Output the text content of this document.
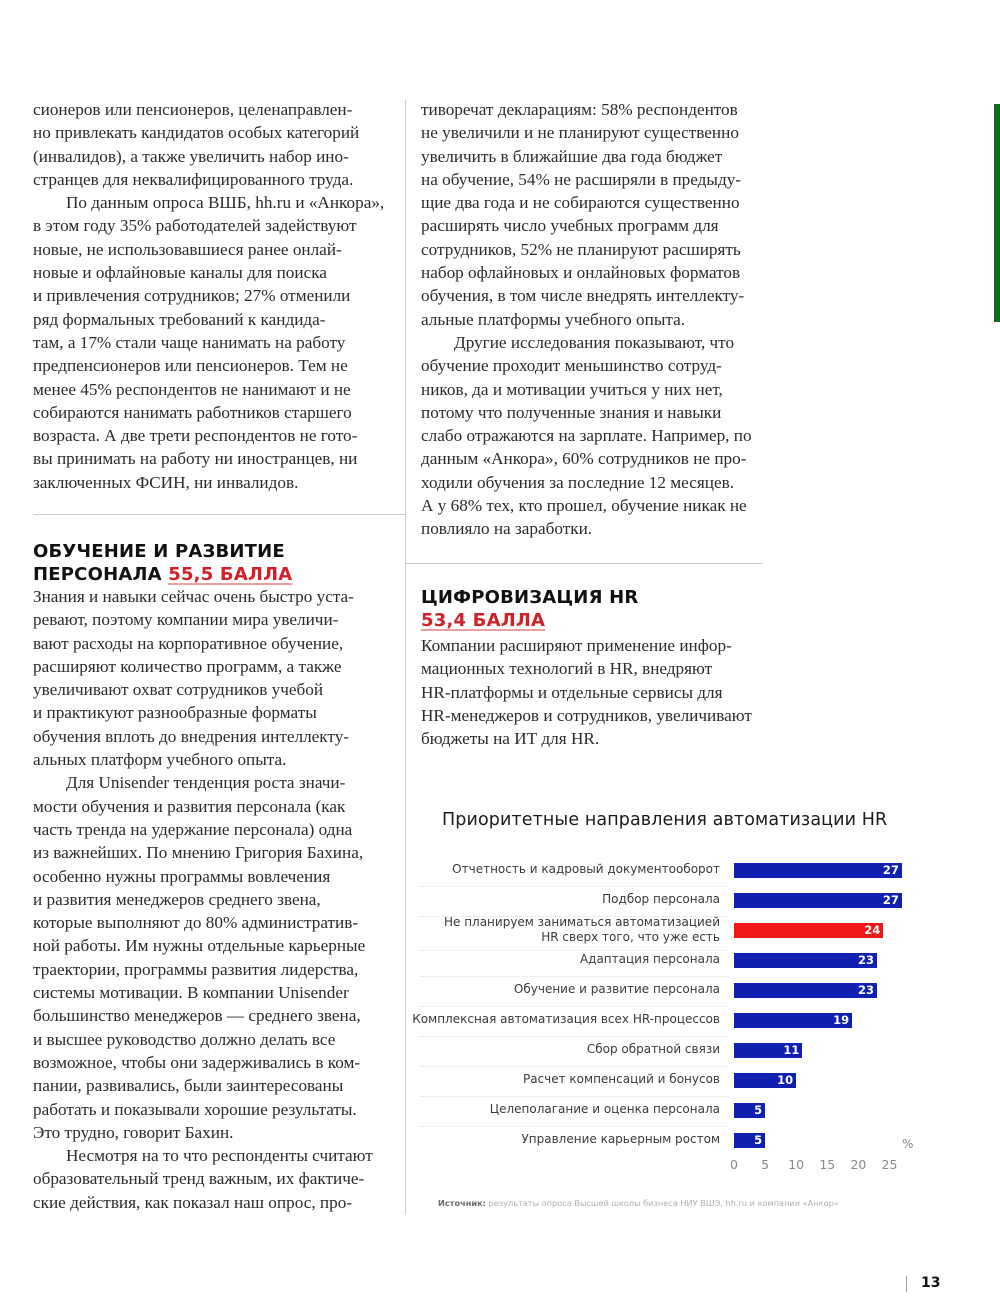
сионеров или пенсионеров, целенаправлен-
но привлекать кандидатов особых категорий
(инвалидов), а также увеличить набор ино-
странцев для неквалифицированного труда.
По данным опроса ВШБ, hh.ru и «Анкора»,
в этом году 35% работодателей задействуют
новые, не использовавшиеся ранее онлай-
новые и офлайновые каналы для поиска
и привлечения сотрудников; 27% отменили
ряд формальных требований к кандида-
там, а 17% стали чаще нанимать на работу
предпенсионеров или пенсионеров. Тем не
менее 45% респондентов не нанимают и не
собираются нанимать работников старшего
возраста. А две трети респондентов не гото-
вы принимать на работу ни иностранцев, ни
заключенных ФСИН, ни инвалидов.
ОБУЧЕНИЕ И РАЗВИТИЕ
ПЕРСОНАЛА 55,5 БАЛЛА
Знания и навыки сейчас очень быстро уста-
ревают, поэтому компании мира увеличи-
вают расходы на корпоративное обучение,
расширяют количество программ, а также
увеличивают охват сотрудников учебой
и практикуют разнообразные форматы
обучения вплоть до внедрения интеллекту-
альных платформ учебного опыта.
Для Unisender тенденция роста значи-
мости обучения и развития персонала (как
часть тренда на удержание персонала) одна
из важнейших. По мнению Григория Бахина,
особенно нужны программы вовлечения
и развития менеджеров среднего звена,
которые выполняют до 80% административ-
ной работы. Им нужны отдельные карьерные
траектории, программы развития лидерства,
системы мотивации. В компании Unisender
большинство менеджеров — среднего звена,
и высшее руководство должно делать все
возможное, чтобы они задерживались в ком-
пании, развивались, были заинтересованы
работать и показывали хорошие результаты.
Это трудно, говорит Бахин.
Несмотря на то что респонденты считают
образовательный тренд важным, их фактиче-
ские действия, как показал наш опрос, про-
тиворечат декларациям: 58% респондентов
не увеличили и не планируют существенно
увеличить в ближайшие два года бюджет
на обучение, 54% не расширяли в предыду-
щие два года и не собираются существенно
расширять число учебных программ для
сотрудников, 52% не планируют расширять
набор офлайновых и онлайновых форматов
обучения, в том числе внедрять интеллекту-
альные платформы учебного опыта.
Другие исследования показывают, что
обучение проходит меньшинство сотруд-
ников, да и мотивации учиться у них нет,
потому что полученные знания и навыки
слабо отражаются на зарплате. Например, по
данным «Анкора», 60% сотрудников не про-
ходили обучения за последние 12 месяцев.
А у 68% тех, кто прошел, обучение никак не
повлияло на заработки.
ЦИФРОВИЗАЦИЯ HR
53,4 БАЛЛА
Компании расширяют применение инфор-
мационных технологий в HR, внедряют
HR-платформы и отдельные сервисы для
HR-менеджеров и сотрудников, увеличивают
бюджеты на ИТ для HR.
Приоритетные направления автоматизации HR
Отчетность и кадровый документооборот	27
Подбор персонала	27
Не планируем заниматься автоматизацией HR сверх того, что уже есть	24
Адаптация персонала	23
Обучение и развитие персонала	23
Комплексная автоматизация всех HR-процессов	19
Сбор обратной связи	11
Расчет компенсаций и бонусов	10
Целеполагание и оценка персонала	5
Управление карьерным ростом	5	%
0 5 10 15 20 25
Источник: результаты опроса Высшей школы бизнеса НИУ ВШЭ, hh.ru и компании «Анкор»
13
